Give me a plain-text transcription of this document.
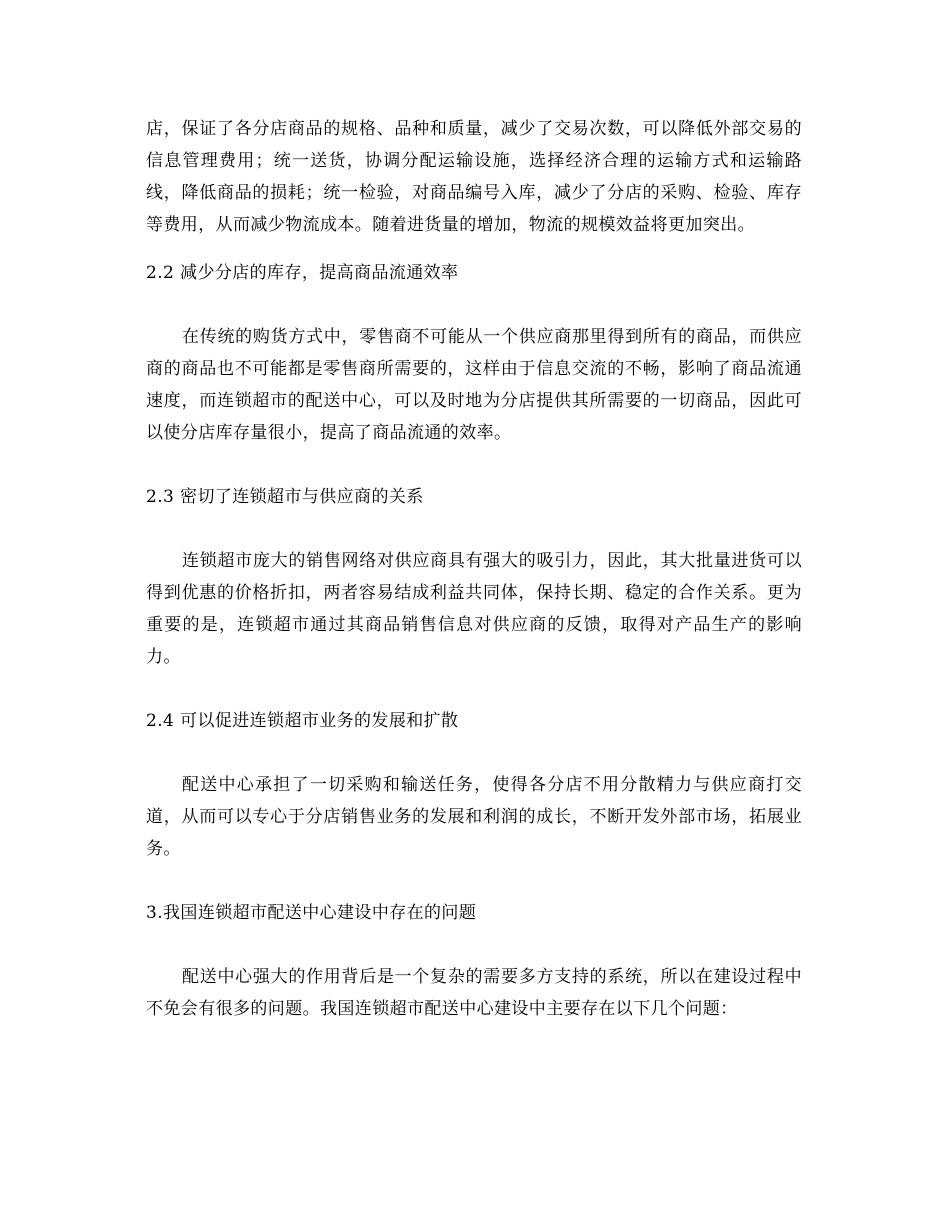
店，保证了各分店商品的规格、品种和质量，减少了交易次数，可以降低外部交易的信息管理费用；统一送货，协调分配运输设施，选择经济合理的运输方式和运输路线，降低商品的损耗；统一检验，对商品编号入库，减少了分店的采购、检验、库存等费用，从而减少物流成本。随着进货量的增加，物流的规模效益将更加突出。

2.2 减少分店的库存，提高商品流通效率

在传统的购货方式中，零售商不可能从一个供应商那里得到所有的商品，而供应商的商品也不可能都是零售商所需要的，这样由于信息交流的不畅，影响了商品流通速度，而连锁超市的配送中心，可以及时地为分店提供其所需要的一切商品，因此可以使分店库存量很小，提高了商品流通的效率。

2.3 密切了连锁超市与供应商的关系

连锁超市庞大的销售网络对供应商具有强大的吸引力，因此，其大批量进货可以得到优惠的价格折扣，两者容易结成利益共同体，保持长期、稳定的合作关系。更为重要的是，连锁超市通过其商品销售信息对供应商的反馈，取得对产品生产的影响力。

2.4 可以促进连锁超市业务的发展和扩散

配送中心承担了一切采购和输送任务，使得各分店不用分散精力与供应商打交道，从而可以专心于分店销售业务的发展和利润的成长，不断开发外部市场，拓展业务。

3.我国连锁超市配送中心建设中存在的问题

配送中心强大的作用背后是一个复杂的需要多方支持的系统，所以在建设过程中不免会有很多的问题。我国连锁超市配送中心建设中主要存在以下几个问题：
